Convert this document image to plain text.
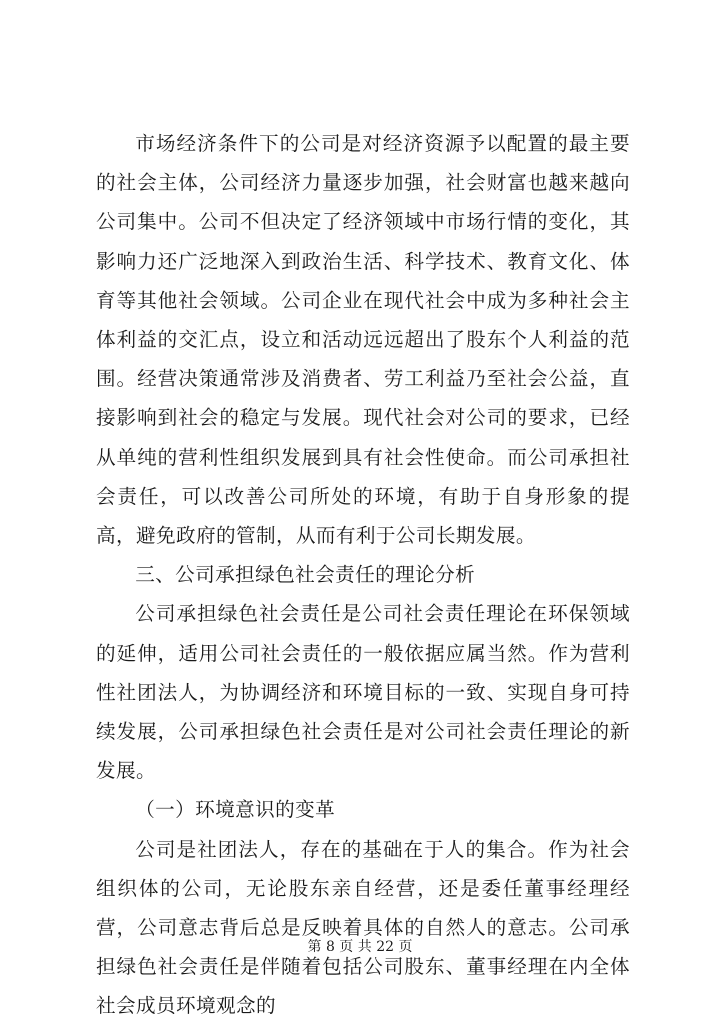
市场经济条件下的公司是对经济资源予以配置的最主要的社会主体，公司经济力量逐步加强，社会财富也越来越向公司集中。公司不但决定了经济领域中市场行情的变化，其影响力还广泛地深入到政治生活、科学技术、教育文化、体育等其他社会领域。公司企业在现代社会中成为多种社会主体利益的交汇点，设立和活动远远超出了股东个人利益的范围。经营决策通常涉及消费者、劳工利益乃至社会公益，直接影响到社会的稳定与发展。现代社会对公司的要求，已经从单纯的营利性组织发展到具有社会性使命。而公司承担社会责任，可以改善公司所处的环境，有助于自身形象的提高，避免政府的管制，从而有利于公司长期发展。

三、公司承担绿色社会责任的理论分析

公司承担绿色社会责任是公司社会责任理论在环保领域的延伸，适用公司社会责任的一般依据应属当然。作为营利性社团法人，为协调经济和环境目标的一致、实现自身可持续发展，公司承担绿色社会责任是对公司社会责任理论的新发展。

（一）环境意识的变革

公司是社团法人，存在的基础在于人的集合。作为社会组织体的公司，无论股东亲自经营，还是委任董事经理经营，公司意志背后总是反映着具体的自然人的意志。公司承担绿色社会责任是伴随着包括公司股东、董事经理在内全体社会成员环境观念的

第 8 页 共 22 页
